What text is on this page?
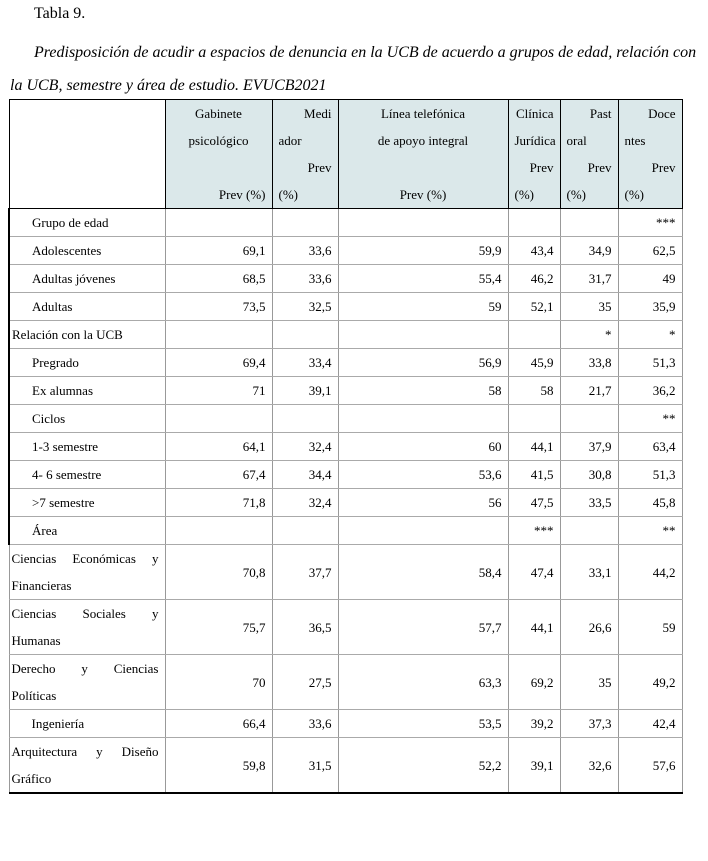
Tabla 9.
Predisposición de acudir a espacios de denuncia en la UCB de acuerdo a grupos de edad, relación con la UCB, semestre y área de estudio. EVUCB2021

	Gabinete
psicológico

Prev (%)	Medi
ador
Prev
(%)	Línea telefónica
de apoyo integral

Prev (%)	Clínica
Jurídica
Prev
(%)	Past
oral
Prev
(%)	Doce
ntes
Prev
(%)

Grupo de edad						***
Adolescentes	69,1	33,6	59,9	43,4	34,9	62,5
Adultas jóvenes	68,5	33,6	55,4	46,2	31,7	49
Adultas	73,5	32,5	59	52,1	35	35,9
Relación con la UCB					*	*
Pregrado	69,4	33,4	56,9	45,9	33,8	51,3
Ex alumnas	71	39,1	58	58	21,7	36,2
Ciclos						**
1-3 semestre	64,1	32,4	60	44,1	37,9	63,4
4- 6 semestre	67,4	34,4	53,6	41,5	30,8	51,3
>7 semestre	71,8	32,4	56	47,5	33,5	45,8
Área				***		**
Ciencias Económicas y Financieras	70,8	37,7	58,4	47,4	33,1	44,2
Ciencias Sociales y Humanas	75,7	36,5	57,7	44,1	26,6	59
Derecho y Ciencias Políticas	70	27,5	63,3	69,2	35	49,2
Ingeniería	66,4	33,6	53,5	39,2	37,3	42,4
Arquitectura y Diseño Gráfico	59,8	31,5	52,2	39,1	32,6	57,6
